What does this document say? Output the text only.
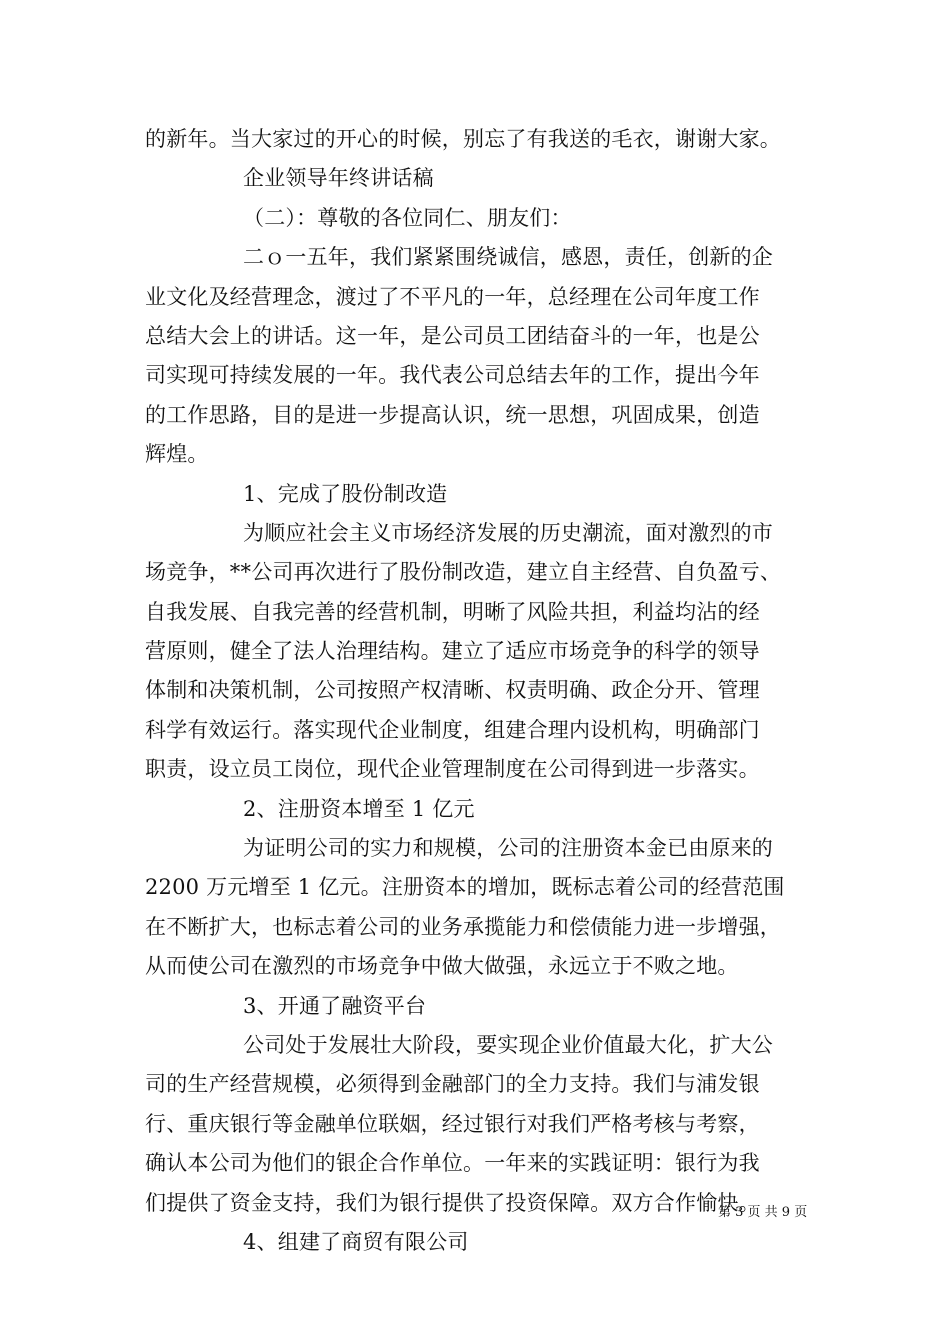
的新年。当大家过的开心的时候，别忘了有我送的毛衣，谢谢大家。
企业领导年终讲话稿
（二）：尊敬的各位同仁、朋友们：
二ｏ一五年，我们紧紧围绕诚信，感恩，责任，创新的企
业文化及经营理念，渡过了不平凡的一年，总经理在公司年度工作
总结大会上的讲话。这一年，是公司员工团结奋斗的一年，也是公
司实现可持续发展的一年。我代表公司总结去年的工作，提出今年
的工作思路，目的是进一步提高认识，统一思想，巩固成果，创造
辉煌。
1、完成了股份制改造
为顺应社会主义市场经济发展的历史潮流，面对激烈的市
场竞争，**公司再次进行了股份制改造，建立自主经营、自负盈亏、
自我发展、自我完善的经营机制，明晰了风险共担，利益均沾的经
营原则，健全了法人治理结构。建立了适应市场竞争的科学的领导
体制和决策机制，公司按照产权清晰、权责明确、政企分开、管理
科学有效运行。落实现代企业制度，组建合理内设机构，明确部门
职责，设立员工岗位，现代企业管理制度在公司得到进一步落实。
2、注册资本增至 1 亿元
为证明公司的实力和规模，公司的注册资本金已由原来的
2200 万元增至 1 亿元。注册资本的增加，既标志着公司的经营范围
在不断扩大，也标志着公司的业务承揽能力和偿债能力进一步增强，
从而使公司在激烈的市场竞争中做大做强，永远立于不败之地。
3、开通了融资平台
公司处于发展壮大阶段，要实现企业价值最大化，扩大公
司的生产经营规模，必须得到金融部门的全力支持。我们与浦发银
行、重庆银行等金融单位联姻，经过银行对我们严格考核与考察，
确认本公司为他们的银企合作单位。一年来的实践证明：银行为我
们提供了资金支持，我们为银行提供了投资保障。双方合作愉快。
4、组建了商贸有限公司
第 3 页 共 9 页
